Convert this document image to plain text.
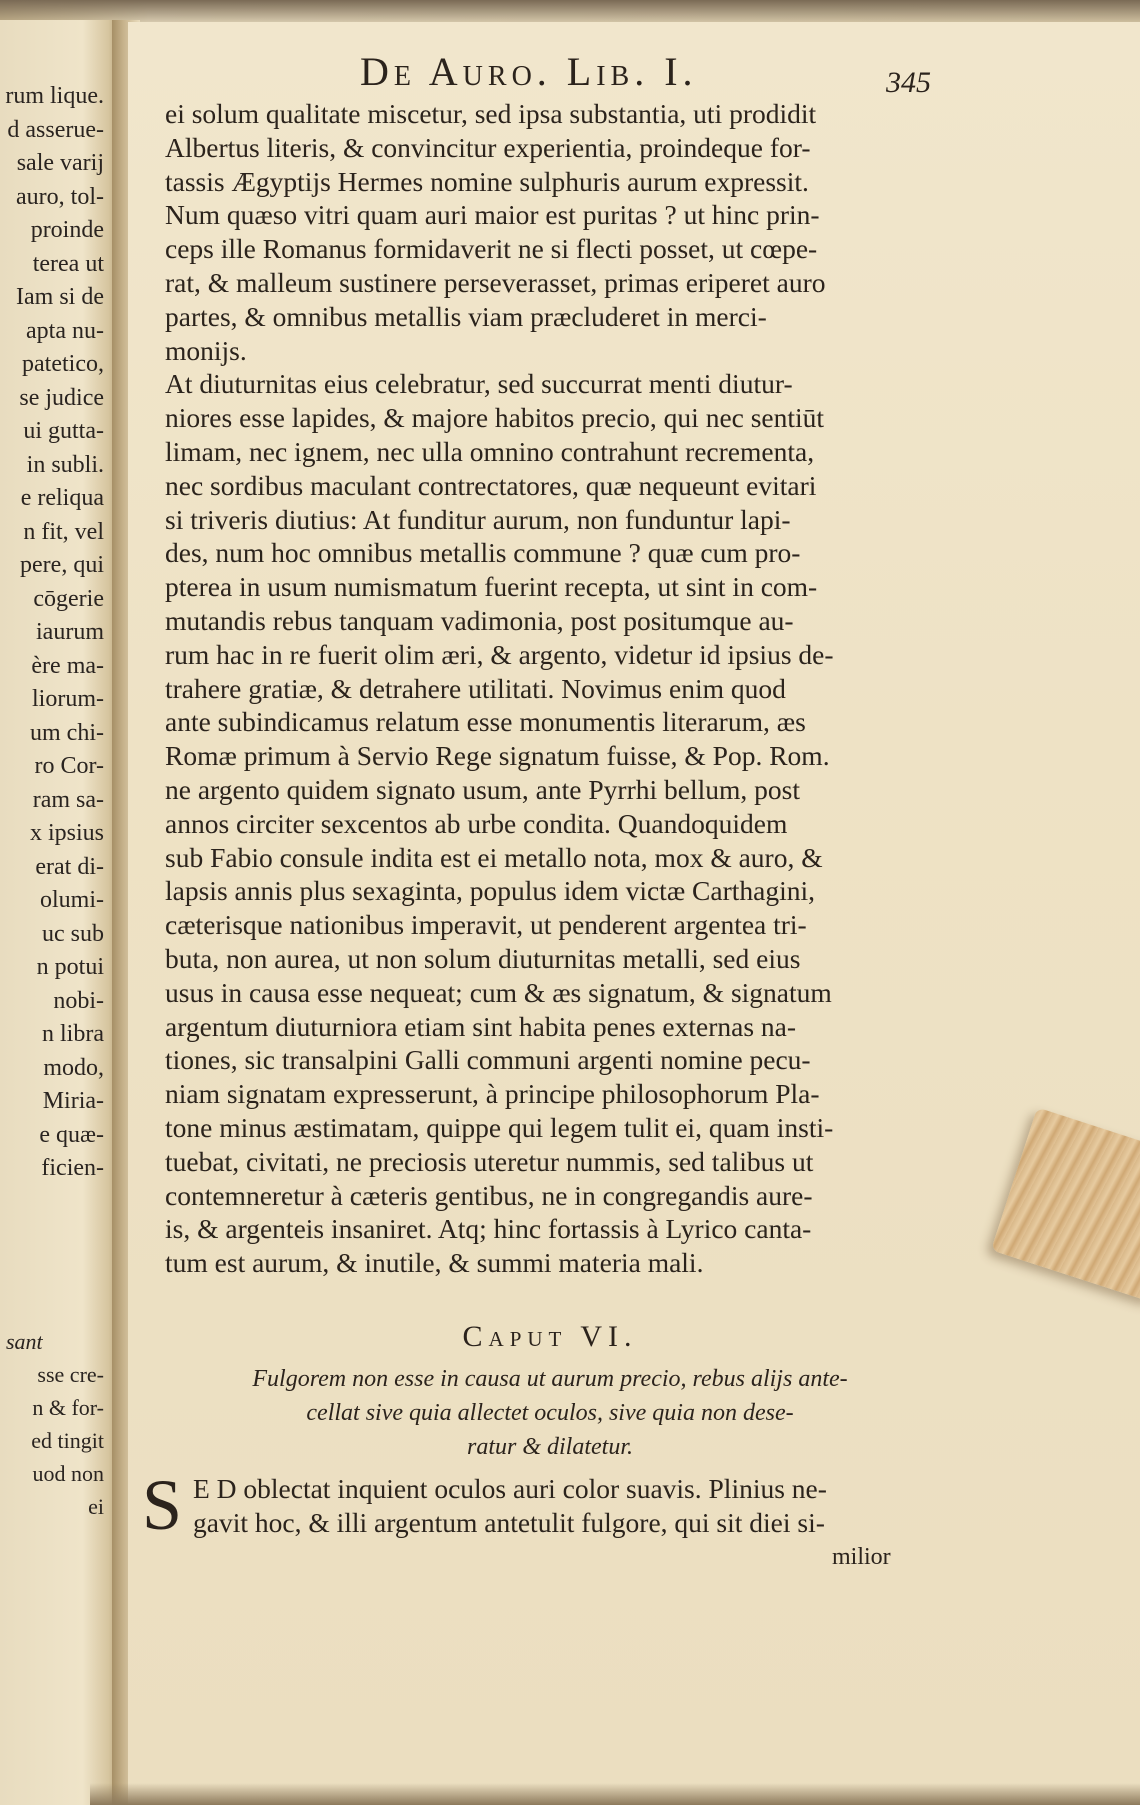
rum lique.
d asserue-
sale varij
auro, tol-
proinde
terea ut
Iam si de
apta nu-
patetico,
se judice
ui gutta-
in subli.
e reliqua
n fit, vel
pere, qui
cōgerie
iaurum
ère ma-
liorum-
um chi-
ro Cor-
ram sa-
x ipsius
erat di-
olumi-
uc sub
n potui
nobi-
n libra
modo,
Miria-
e quæ-
ficien-
sant
sse cre-
n & for-
ed tingit
uod non
ei
De Auro. Lib. I.	345
ei solum qualitate miscetur, sed ipsa substantia, uti prodidit
Albertus literis, & convincitur experientia, proindeque for-
tassis Ægyptijs Hermes nomine sulphuris aurum expressit.
Num quæso vitri quam auri maior est puritas ? ut hinc prin-
ceps ille Romanus formidaverit ne si flecti posset, ut cœpe-
rat, & malleum sustinere perseverasset, primas eriperet auro
partes, & omnibus metallis viam præcluderet in merci-
monijs.
At diuturnitas eius celebratur, sed succurrat menti diutur-
niores esse lapides, & majore habitos precio, qui nec sentiūt
limam, nec ignem, nec ulla omnino contrahunt recrementa,
nec sordibus maculant contrectatores, quæ nequeunt evitari
si triveris diutius: At funditur aurum, non funduntur lapi-
des, num hoc omnibus metallis commune ? quæ cum pro-
pterea in usum numismatum fuerint recepta, ut sint in com-
mutandis rebus tanquam vadimonia, post positumque au-
rum hac in re fuerit olim æri, & argento, videtur id ipsius de-
trahere gratiæ, & detrahere utilitati. Novimus enim quod
ante subindicamus relatum esse monumentis literarum, æs
Romæ primum à Servio Rege signatum fuisse, & Pop. Rom.
ne argento quidem signato usum, ante Pyrrhi bellum, post
annos circiter sexcentos ab urbe condita. Quandoquidem
sub Fabio consule indita est ei metallo nota, mox & auro, &
lapsis annis plus sexaginta, populus idem victæ Carthagini,
cæterisque nationibus imperavit, ut penderent argentea tri-
buta, non aurea, ut non solum diuturnitas metalli, sed eius
usus in causa esse nequeat; cum & æs signatum, & signatum
argentum diuturniora etiam sint habita penes externas na-
tiones, sic transalpini Galli communi argenti nomine pecu-
niam signatam expresserunt, à principe philosophorum Pla-
tone minus æstimatam, quippe qui legem tulit ei, quam insti-
tuebat, civitati, ne preciosis uteretur nummis, sed talibus ut
contemneretur à cæteris gentibus, ne in congregandis aure-
is, & argenteis insaniret. Atq; hinc fortassis à Lyrico canta-
tum est aurum, & inutile, & summi materia mali.
Caput VI.
Fulgorem non esse in causa ut aurum precio, rebus alijs ante-
cellat sive quia allectet oculos, sive quia non dese-
ratur & dilatetur.
S E D oblectat inquient oculos auri color suavis. Plinius ne-
gavit hoc, & illi argentum antetulit fulgore, qui sit diei si-
milior
